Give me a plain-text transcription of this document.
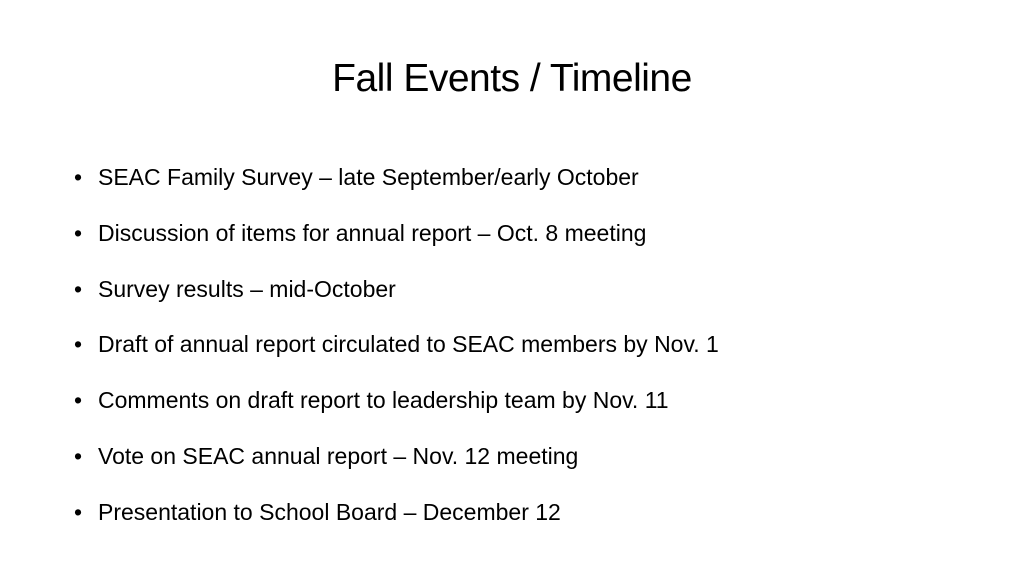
Fall Events / Timeline
• SEAC Family Survey – late September/early October
• Discussion of items for annual report – Oct. 8 meeting
• Survey results – mid-October
• Draft of annual report circulated to SEAC members by Nov. 1
• Comments on draft report to leadership team by Nov. 11
• Vote on SEAC annual report – Nov. 12 meeting
• Presentation to School Board – December 12
